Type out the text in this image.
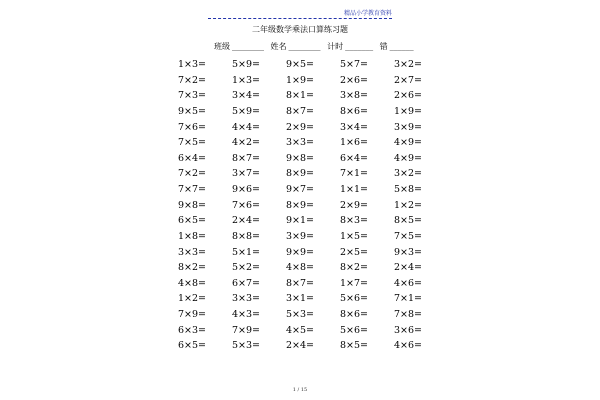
精品小学教育资料
二年级数学乘法口算练习题
班级 ________ 姓名 ________ 计时 _______ 错 ______
1×3=	5×9=	9×5=	5×7=	3×2=
7×2=	1×3=	1×9=	2×6=	2×7=
7×3=	3×4=	8×1=	3×8=	2×6=
9×5=	5×9=	8×7=	8×6=	1×9=
7×6=	4×4=	2×9=	3×4=	3×9=
7×5=	4×2=	3×3=	1×6=	4×9=
6×4=	8×7=	9×8=	6×4=	4×9=
7×2=	3×7=	8×9=	7×1=	3×2=
7×7=	9×6=	9×7=	1×1=	5×8=
9×8=	7×6=	8×9=	2×9=	1×2=
6×5=	2×4=	9×1=	8×3=	8×5=
1×8=	8×8=	3×9=	1×5=	7×5=
3×3=	5×1=	9×9=	2×5=	9×3=
8×2=	5×2=	4×8=	8×2=	2×4=
4×8=	6×7=	8×7=	1×7=	4×6=
1×2=	3×3=	3×1=	5×6=	7×1=
7×9=	4×3=	5×3=	8×6=	7×8=
6×3=	7×9=	4×5=	5×6=	3×6=
6×5=	5×3=	2×4=	8×5=	4×6=
1 / 15
